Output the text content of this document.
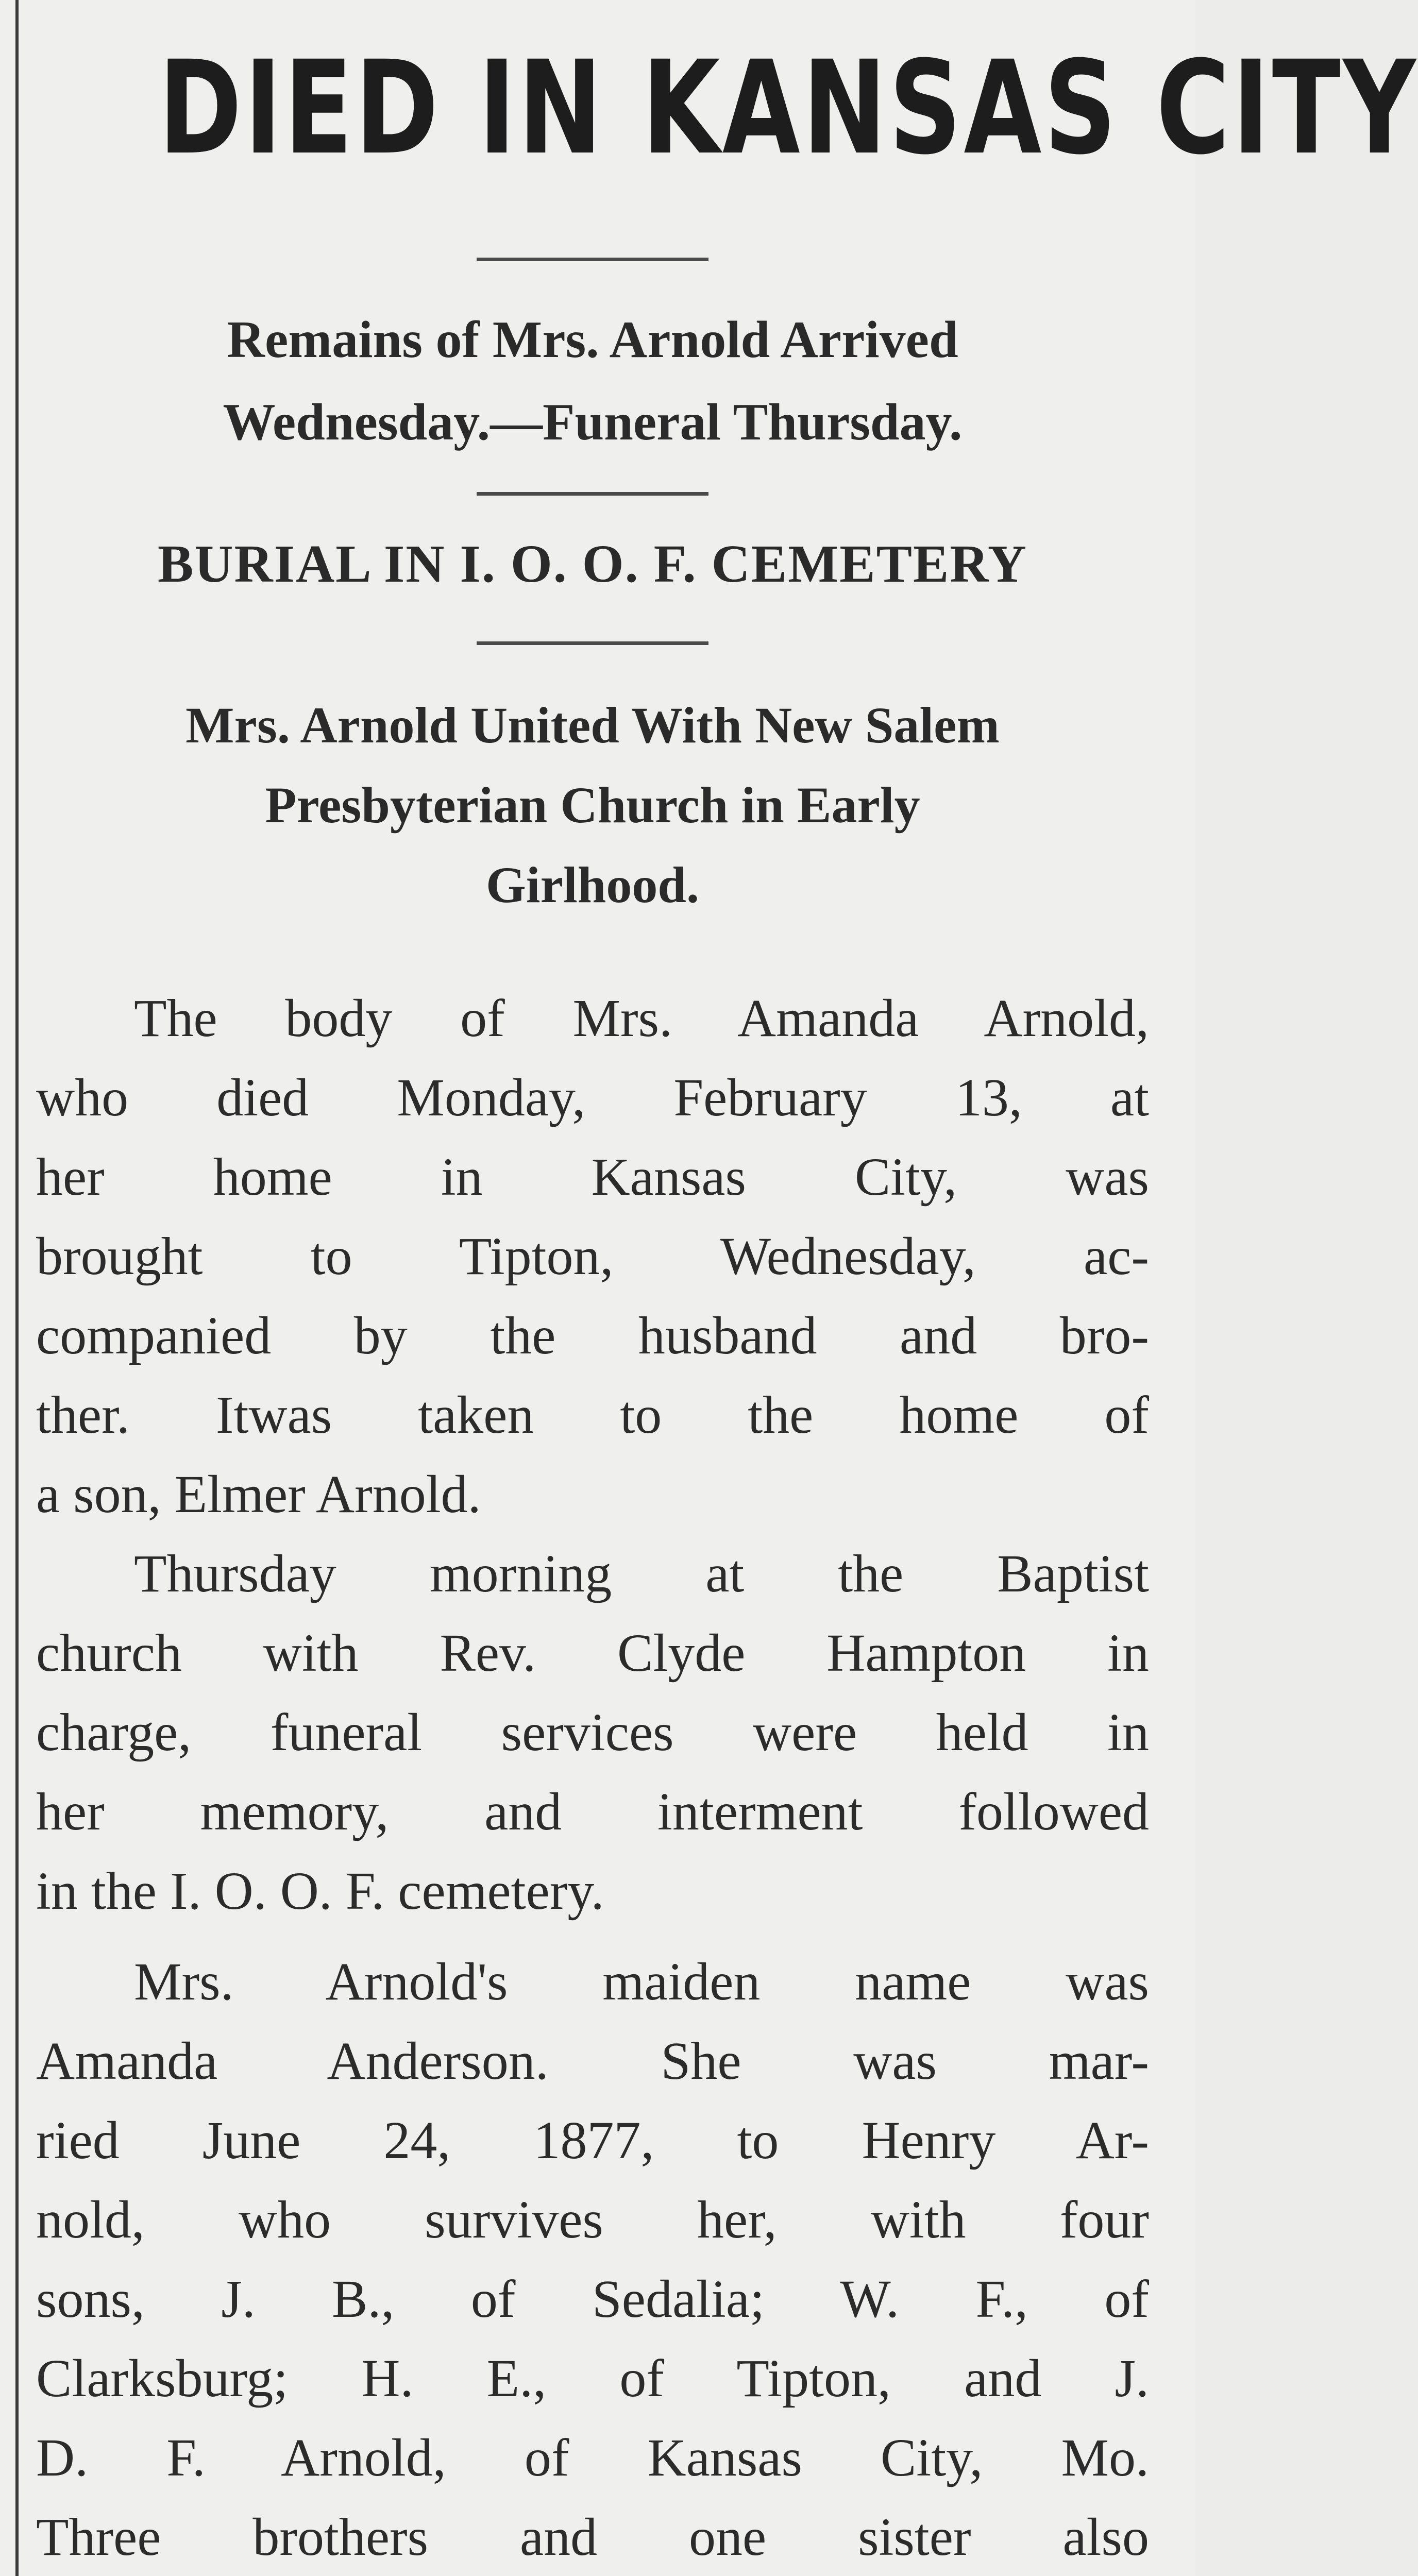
DIED IN KANSAS CITY
Remains of Mrs. Arnold Arrived
Wednesday.—Funeral Thursday.
BURIAL IN I. O. O. F. CEMETERY
Mrs. Arnold United With New Salem
Presbyterian Church in Early
Girlhood.
The body of Mrs. Amanda Arnold,
who died Monday, February 13, at
her home in Kansas City, was
brought to Tipton, Wednesday, ac-
companied by the husband and bro-
ther. Itwas taken to the home of
a son, Elmer Arnold.
Thursday morning at the Baptist
church with Rev. Clyde Hampton in
charge, funeral services were held in
her memory, and interment followed
in the I. O. O. F. cemetery.
Mrs. Arnold's maiden name was
Amanda Anderson. She was mar-
ried June 24, 1877, to Henry Ar-
nold, who survives her, with four
sons, J. B., of Sedalia; W. F., of
Clarksburg; H. E., of Tipton, and J.
D. F. Arnold, of Kansas City, Mo.
Three brothers and one sister also
